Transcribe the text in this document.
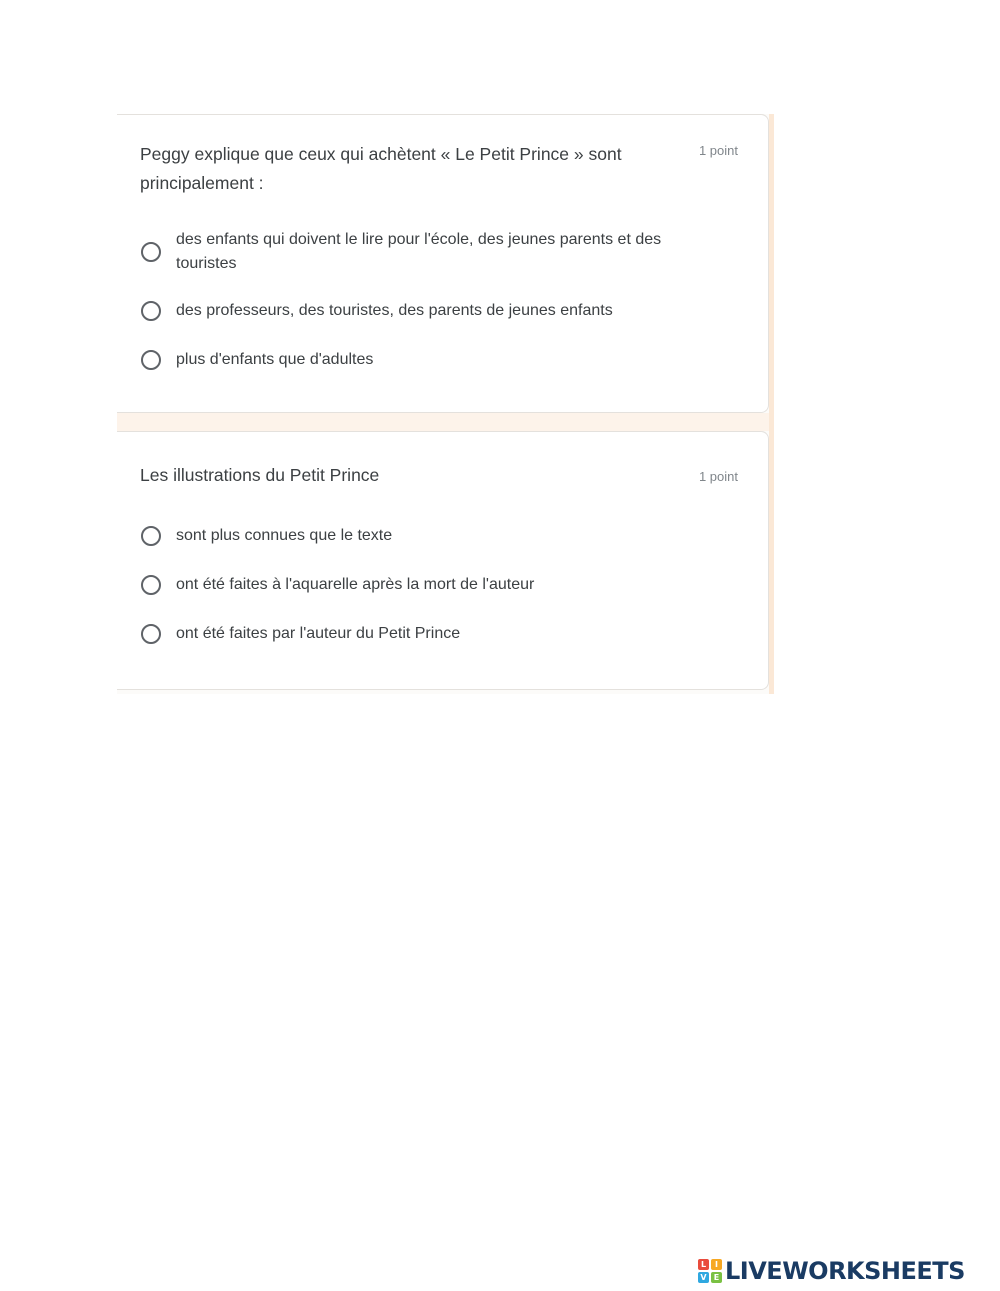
Peggy explique que ceux qui achètent « Le Petit Prince » sont principalement :
1 point
des enfants qui doivent le lire pour l'école, des jeunes parents et des
touristes
des professeurs, des touristes, des parents de jeunes enfants
plus d'enfants que d'adultes
Les illustrations du Petit Prince	1 point
sont plus connues que le texte
ont été faites à l'aquarelle après la mort de l'auteur
ont été faites par l'auteur du Petit Prince
L	I
V E LIVEWORKSHEETS
